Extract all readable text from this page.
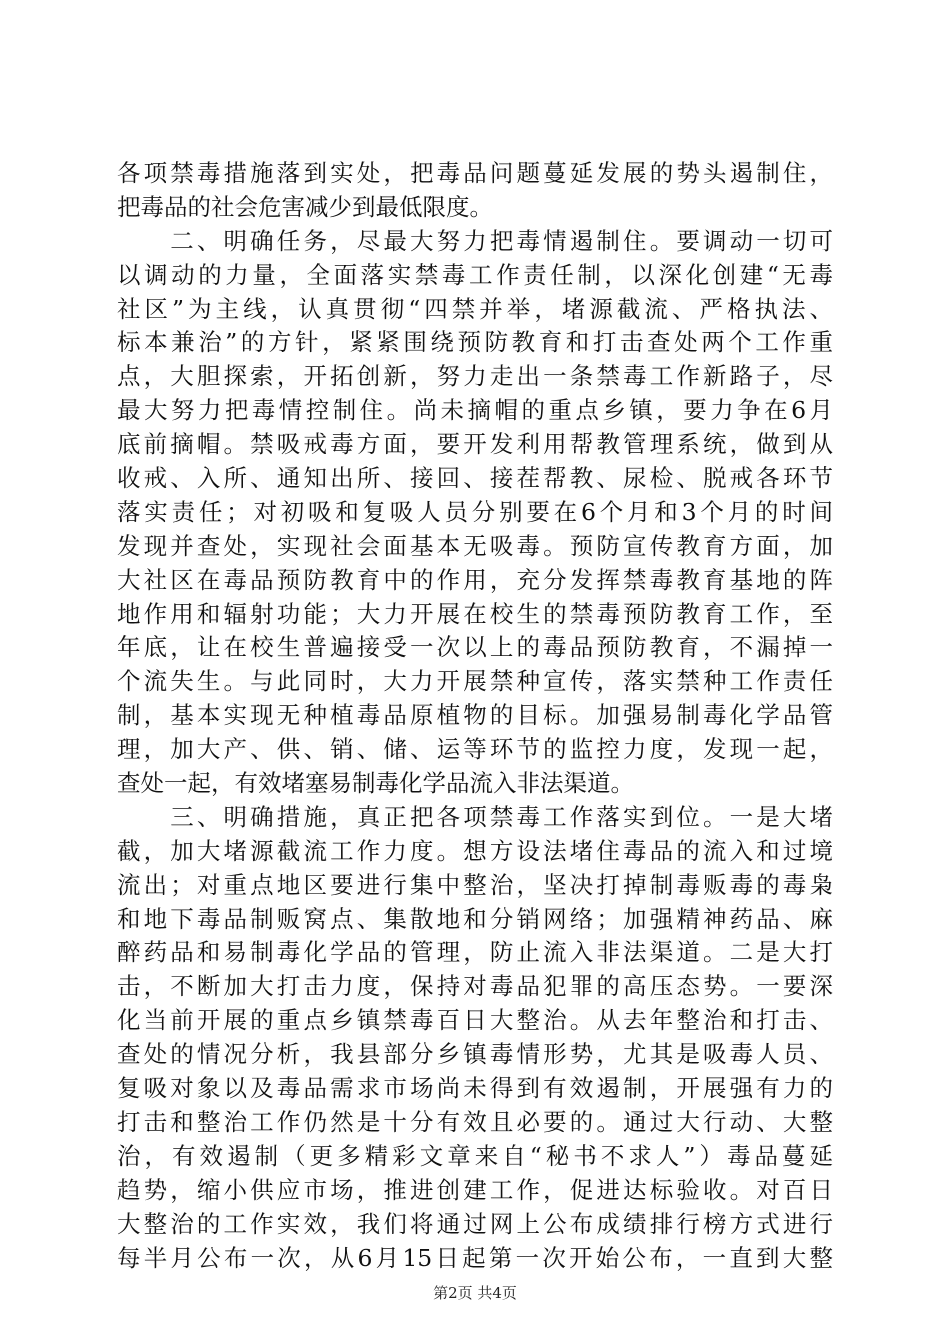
各项禁毒措施落到实处，把毒品问题蔓延发展的势头遏制住，
把毒品的社会危害减少到最低限度。
　　二、明确任务，尽最大努力把毒情遏制住。要调动一切可
以调动的力量，全面落实禁毒工作责任制，以深化创建“无毒
社区”为主线，认真贯彻“四禁并举，堵源截流、严格执法、
标本兼治”的方针，紧紧围绕预防教育和打击查处两个工作重
点，大胆探索，开拓创新，努力走出一条禁毒工作新路子，尽
最大努力把毒情控制住。尚未摘帽的重点乡镇，要力争在6月
底前摘帽。禁吸戒毒方面，要开发利用帮教管理系统，做到从
收戒、入所、通知出所、接回、接茬帮教、尿检、脱戒各环节
落实责任；对初吸和复吸人员分别要在6个月和3个月的时间
发现并查处，实现社会面基本无吸毒。预防宣传教育方面，加
大社区在毒品预防教育中的作用，充分发挥禁毒教育基地的阵
地作用和辐射功能；大力开展在校生的禁毒预防教育工作，至
年底，让在校生普遍接受一次以上的毒品预防教育，不漏掉一
个流失生。与此同时，大力开展禁种宣传，落实禁种工作责任
制，基本实现无种植毒品原植物的目标。加强易制毒化学品管
理，加大产、供、销、储、运等环节的监控力度，发现一起，
查处一起，有效堵塞易制毒化学品流入非法渠道。
　　三、明确措施，真正把各项禁毒工作落实到位。一是大堵
截，加大堵源截流工作力度。想方设法堵住毒品的流入和过境
流出；对重点地区要进行集中整治，坚决打掉制毒贩毒的毒枭
和地下毒品制贩窝点、集散地和分销网络；加强精神药品、麻
醉药品和易制毒化学品的管理，防止流入非法渠道。二是大打
击，不断加大打击力度，保持对毒品犯罪的高压态势。一要深
化当前开展的重点乡镇禁毒百日大整治。从去年整治和打击、
查处的情况分析，我县部分乡镇毒情形势，尤其是吸毒人员、
复吸对象以及毒品需求市场尚未得到有效遏制，开展强有力的
打击和整治工作仍然是十分有效且必要的。通过大行动、大整
治，有效遏制（更多精彩文章来自“秘书不求人”）毒品蔓延
趋势，缩小供应市场，推进创建工作，促进达标验收。对百日
大整治的工作实效，我们将通过网上公布成绩排行榜方式进行
每半月公布一次，从6月15日起第一次开始公布，一直到大整
第2页 共4页
